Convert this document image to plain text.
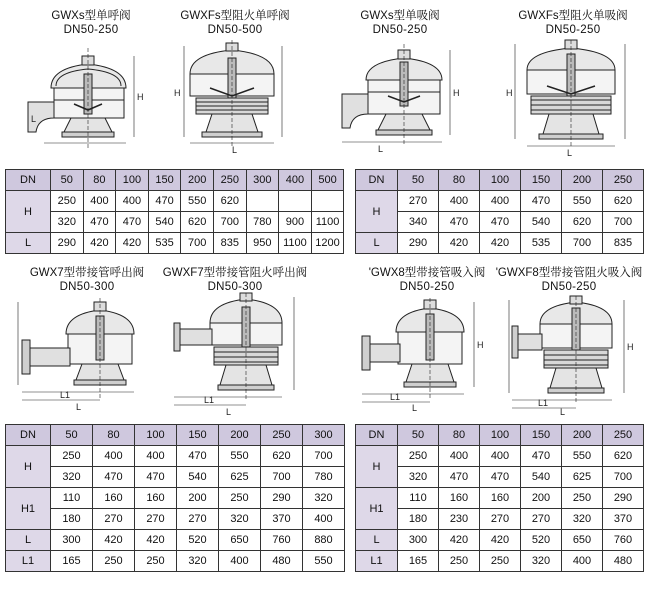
GWXs型单呼阀
DN50-250
GWXFs型阻火单呼阀
DN50-500
GWXs型单吸阀
DN50-250
GWXFs型阻火单吸阀
DN50-250
H
L
H
L
H
L
H
L
DN	50	80	100	150	200	250	300	400	500
H	250	400	400	470	550	620			
	320	470	470	540	620	700	780	900	1100
L	290	420	420	535	700	835	950	1100	1200
DN	50	80	100	150	200	250
H	270	400	400	470	550	620
	340	470	470	540	620	700
L	290	420	420	535	700	835
GWX7型带接管呼出阀
DN50-300
GWXF7型带接管阻火呼出阀
DN50-300
'GWX8型带接管吸入阀
DN50-250
'GWXF8型带接管阻火吸入阀
DN50-250
L1
L
L1
L
H
L1
L
H
L1
L
DN	50	80	100	150	200	250	300
H	250	400	400	470	550	620	700
	320	470	470	540	625	700	780
H1	110	160	160	200	250	290	320
	180	270	270	270	320	370	400
L	300	420	420	520	650	760	880
L1	165	250	250	320	400	480	550
DN	50	80	100	150	200	250
H	250	400	400	470	550	620
	320	470	470	540	625	700
H1	110	160	160	200	250	290
	180	230	270	270	320	370
L	300	420	420	520	650	760
L1	165	250	250	320	400	480
